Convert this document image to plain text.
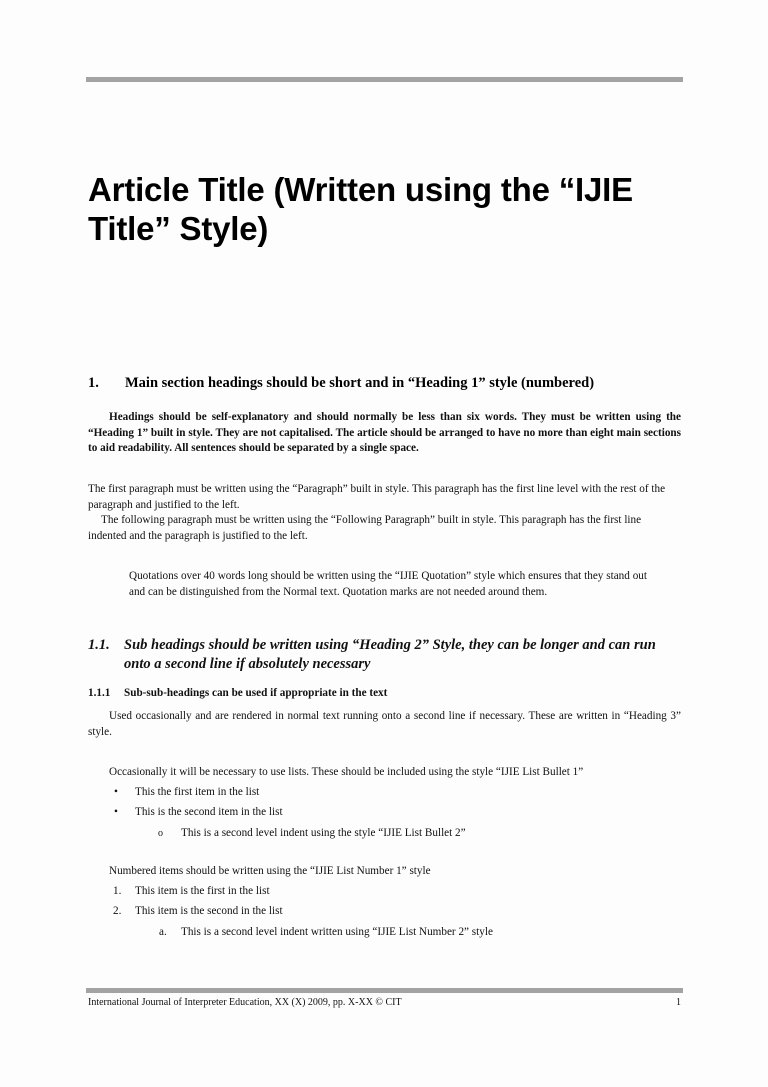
Article Title (Written using the “IJIE Title” Style)
1. Main section headings should be short and in “Heading 1” style (numbered)

Headings should be self-explanatory and should normally be less than six words. They must be written using the “Heading 1” built in style. They are not capitalised. The article should be arranged to have no more than eight main sections to aid readability. All sentences should be separated by a single space.

The first paragraph must be written using the “Paragraph” built in style. This paragraph has the first line level with the rest of the paragraph and justified to the left.

The following paragraph must be written using the “Following Paragraph” built in style. This paragraph has the first line indented and the paragraph is justified to the left.

Quotations over 40 words long should be written using the “IJIE Quotation” style which ensures that they stand out and can be distinguished from the Normal text. Quotation marks are not needed around them.
1.1. Sub headings should be written using “Heading 2” Style, they can be longer and can run
onto a second line if absolutely necessary
1.1.1 Sub-sub-headings can be used if appropriate in the text

Used occasionally and are rendered in normal text running onto a second line if necessary. These are written in “Heading 3” style.

Occasionally it will be necessary to use lists. These should be included using the style “IJIE List Bullet 1”

• This the first item in the list
• This is the second item in the list
o This is a second level indent using the style “IJIE List Bullet 2”

Numbered items should be written using the “IJIE List Number 1” style

1. This item is the first in the list
2. This item is the second in the list
a. This is a second level indent written using “IJIE List Number 2” style

International Journal of Interpreter Education, XX (X) 2009, pp. X-XX © CIT	1
